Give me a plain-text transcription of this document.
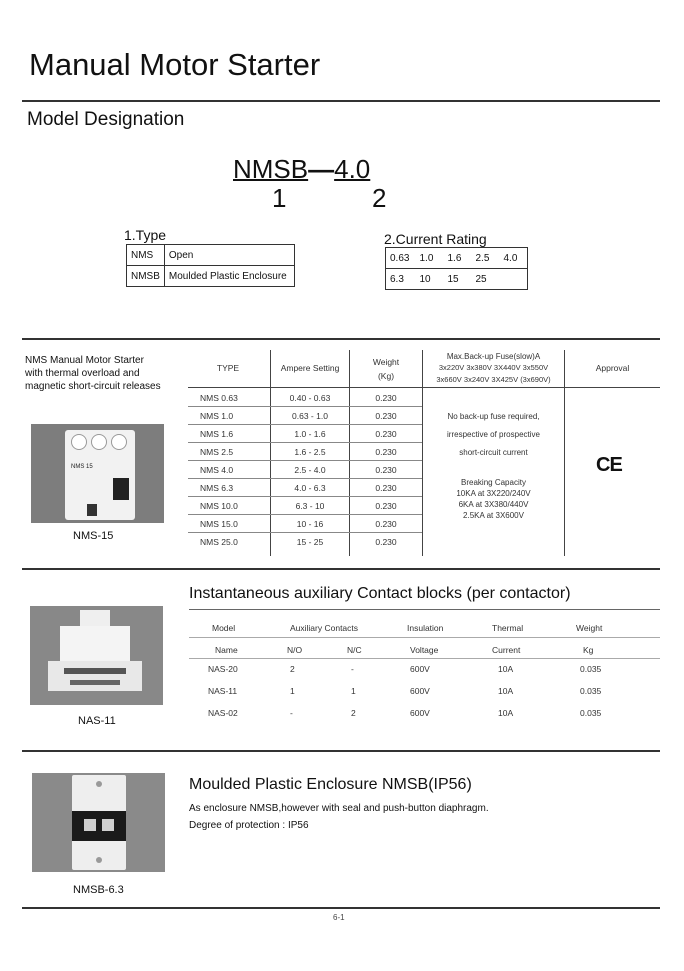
Manual Motor Starter
Model Designation
NMSB—4.0
1	2
1.Type
NMS	Open
NMSB	Moulded Plastic Enclosure
2.Current Rating
0.63	1.0	1.6	2.5	4.0
6.3	10	15	25	
NMS Manual Motor Starter
with thermal overload and
magnetic short-circuit releases
NMS 15
NMS-15
TYPE	Ampere Setting
Weight
(Kg)
Max.Back-up Fuse(slow)A
3x220V 3x380V 3X440V 3x550V
3x660V 3x240V 3X425V (3x690V)
Approval
NMS 0.63	0.40 - 0.63	0.230
NMS 1.0	0.63 - 1.0	0.230
NMS 1.6	1.0 - 1.6	0.230
NMS 2.5	1.6 - 2.5	0.230
NMS 4.0	2.5 - 4.0	0.230
NMS 6.3	4.0 - 6.3	0.230
NMS 10.0	6.3 - 10	0.230
NMS 15.0	10 - 16	0.230
NMS 25.0	15 - 25	0.230
No back-up fuse required,
irrespective of prospective
short-circuit current
Breaking Capacity
10KA at 3X220/240V
6KA at 3X380/440V
2.5KA at 3X600V
CE
NAS-11
Instantaneous auxiliary Contact blocks (per contactor)
Model	Auxiliary Contacts	Insulation	Thermal	Weight
Name	N/O	N/C	Voltage	Current	Kg
NAS-20	2	-	600V	10A	0.035
NAS-11	1	1	600V	10A	0.035
NAS-02	-	2	600V	10A	0.035
NMSB-6.3
Moulded Plastic Enclosure NMSB(IP56)
As enclosure NMSB,however with seal and push-button diaphragm.
Degree of protection : IP56
6-1
